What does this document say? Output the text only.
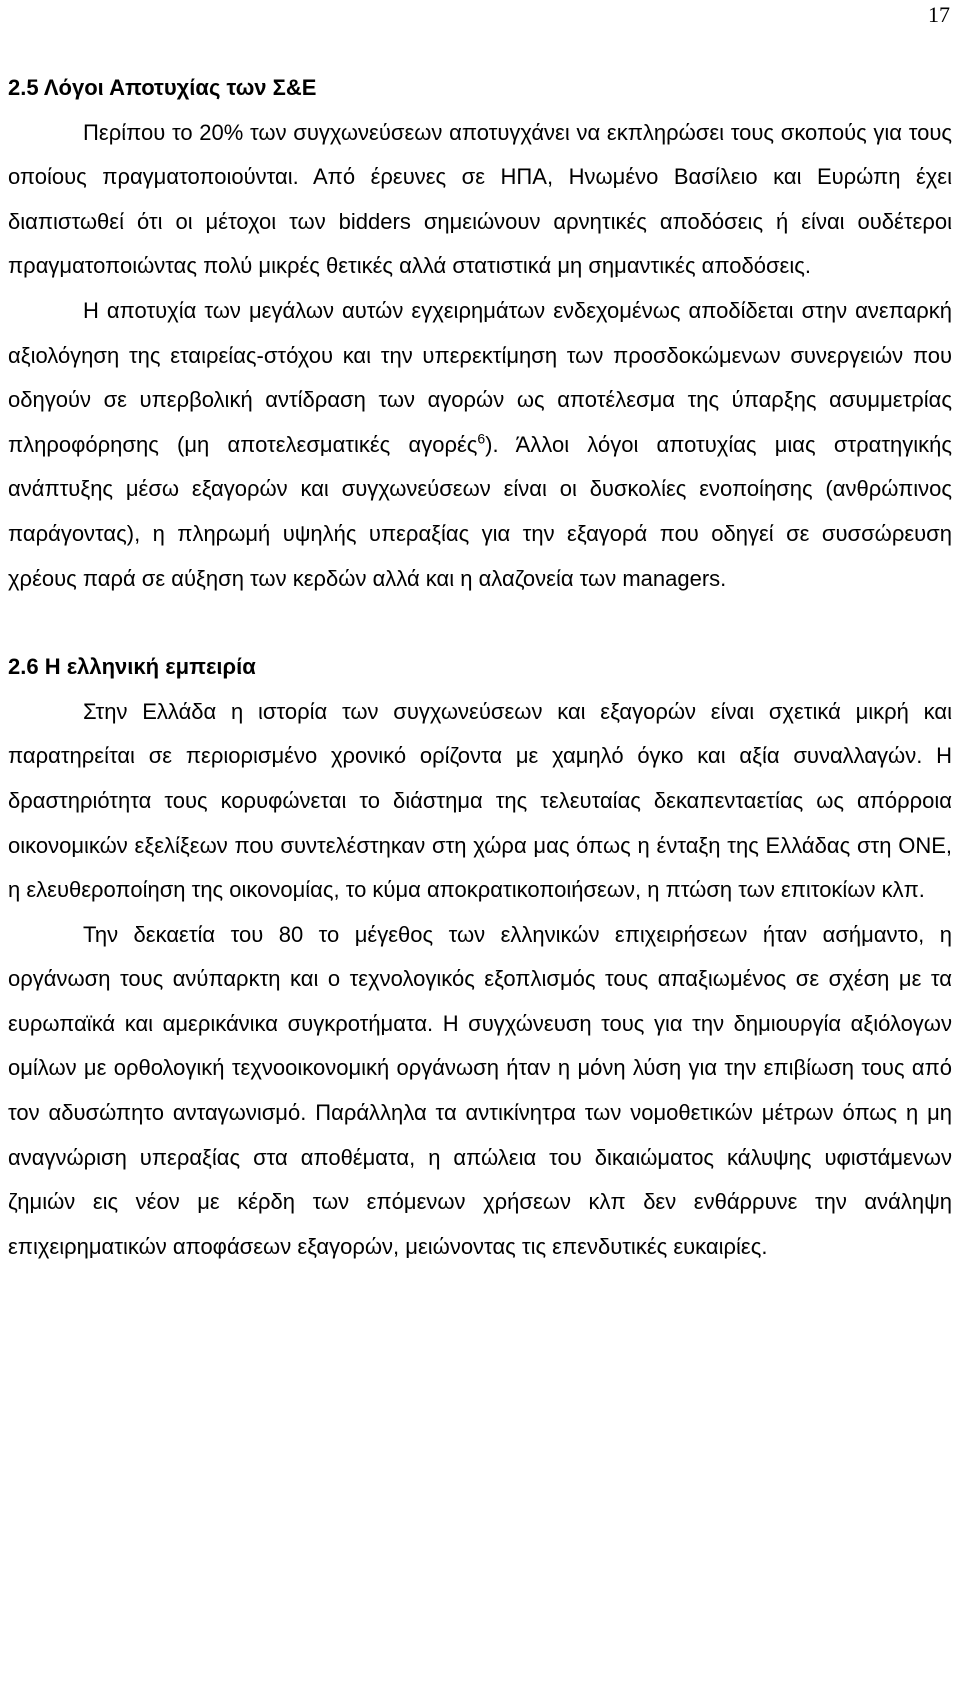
17
2.5 Λόγοι Αποτυχίας των Σ&Ε

Περίπου το 20% των συγχωνεύσεων αποτυγχάνει να εκπληρώσει τους σκοπούς για τους οποίους πραγματοποιούνται. Από έρευνες σε ΗΠΑ, Ηνωμένο Βασίλειο και Ευρώπη έχει διαπιστωθεί ότι οι μέτοχοι των bidders σημειώνουν αρνητικές αποδόσεις ή είναι ουδέτεροι πραγματοποιώντας πολύ μικρές θετικές αλλά στατιστικά μη σημαντικές αποδόσεις.

Η αποτυχία των μεγάλων αυτών εγχειρημάτων ενδεχομένως αποδίδεται στην ανεπαρκή αξιολόγηση της εταιρείας-στόχου και την υπερεκτίμηση των προσδοκώμενων συνεργειών που οδηγούν σε υπερβολική αντίδραση των αγορών ως αποτέλεσμα της ύπαρξης ασυμμετρίας πληροφόρησης (μη αποτελεσματικές αγορές$^6$). Άλλοι λόγοι αποτυχίας μιας στρατηγικής ανάπτυξης μέσω εξαγορών και συγχωνεύσεων είναι οι δυσκολίες ενοποίησης (ανθρώπινος παράγοντας), η πληρωμή υψηλής υπεραξίας για την εξαγορά που οδηγεί σε συσσώρευση χρέους παρά σε αύξηση των κερδών αλλά και η αλαζονεία των managers.

2.6 Η ελληνική εμπειρία

Στην Ελλάδα η ιστορία των συγχωνεύσεων και εξαγορών είναι σχετικά μικρή και παρατηρείται σε περιορισμένο χρονικό ορίζοντα με χαμηλό όγκο και αξία συναλλαγών. Η δραστηριότητα τους κορυφώνεται το διάστημα της τελευταίας δεκαπενταετίας ως απόρροια οικονομικών εξελίξεων που συντελέστηκαν στη χώρα μας όπως η ένταξη της Ελλάδας στη ΟΝΕ, η ελευθεροποίηση της οικονομίας, το κύμα αποκρατικοποιήσεων, η πτώση των επιτοκίων κλπ.

Την δεκαετία του 80 το μέγεθος των ελληνικών επιχειρήσεων ήταν ασήμαντο, η οργάνωση τους ανύπαρκτη και ο τεχνολογικός εξοπλισμός τους απαξιωμένος σε σχέση με τα ευρωπαϊκά και αμερικάνικα συγκροτήματα. Η συγχώνευση τους για την δημιουργία αξιόλογων ομίλων με ορθολογική τεχνοοικονομική οργάνωση ήταν η μόνη λύση για την επιβίωση τους από τον αδυσώπητο ανταγωνισμό. Παράλληλα τα αντικίνητρα των νομοθετικών μέτρων όπως η μη αναγνώριση υπεραξίας στα αποθέματα, η απώλεια του δικαιώματος κάλυψης υφιστάμενων ζημιών εις νέον με κέρδη των επόμενων χρήσεων κλπ δεν ενθάρρυνε την ανάληψη επιχειρηματικών αποφάσεων εξαγορών, μειώνοντας τις επενδυτικές ευκαιρίες.
